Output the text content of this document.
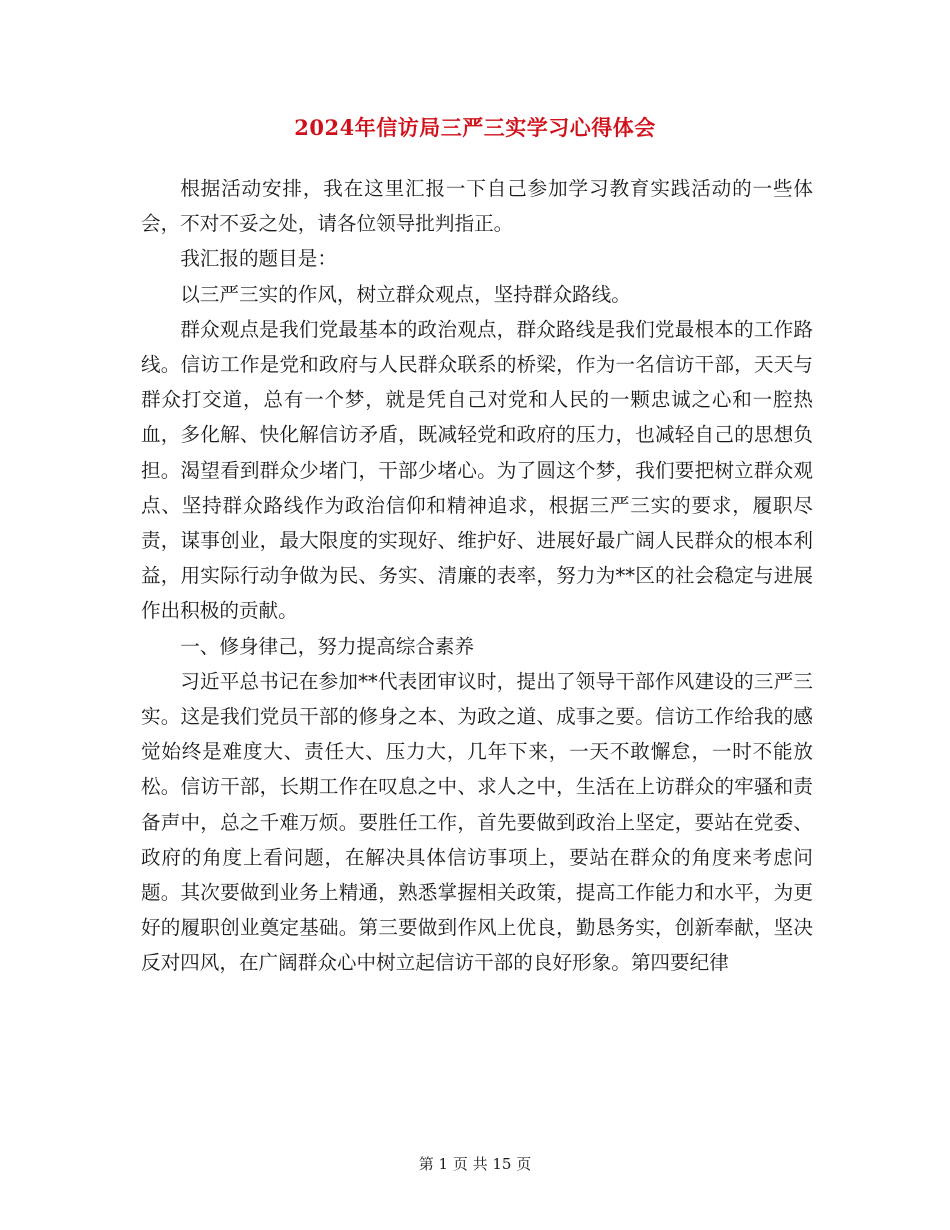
2024年信访局三严三实学习心得体会

根据活动安排，我在这里汇报一下自己参加学习教育实践活动的一些体会，不对不妥之处，请各位领导批判指正。

我汇报的题目是：

以三严三实的作风，树立群众观点，坚持群众路线。

群众观点是我们党最基本的政治观点，群众路线是我们党最根本的工作路线。信访工作是党和政府与人民群众联系的桥梁，作为一名信访干部，天天与群众打交道，总有一个梦，就是凭自己对党和人民的一颗忠诚之心和一腔热血，多化解、快化解信访矛盾，既减轻党和政府的压力，也减轻自己的思想负担。渴望看到群众少堵门，干部少堵心。为了圆这个梦，我们要把树立群众观点、坚持群众路线作为政治信仰和精神追求，根据三严三实的要求，履职尽责，谋事创业，最大限度的实现好、维护好、进展好最广阔人民群众的根本利益，用实际行动争做为民、务实、清廉的表率，努力为**区的社会稳定与进展作出积极的贡献。

一、修身律己，努力提高综合素养

习近平总书记在参加**代表团审议时，提出了领导干部作风建设的三严三实。这是我们党员干部的修身之本、为政之道、成事之要。信访工作给我的感觉始终是难度大、责任大、压力大，几年下来，一天不敢懈怠，一时不能放松。信访干部，长期工作在叹息之中、求人之中，生活在上访群众的牢骚和责备声中，总之千难万烦。要胜任工作，首先要做到政治上坚定，要站在党委、政府的角度上看问题，在解决具体信访事项上，要站在群众的角度来考虑问题。其次要做到业务上精通，熟悉掌握相关政策，提高工作能力和水平，为更好的履职创业奠定基础。第三要做到作风上优良，勤恳务实，创新奉献，坚决反对四风，在广阔群众心中树立起信访干部的良好形象。第四要纪律

第 1 页 共 15 页
